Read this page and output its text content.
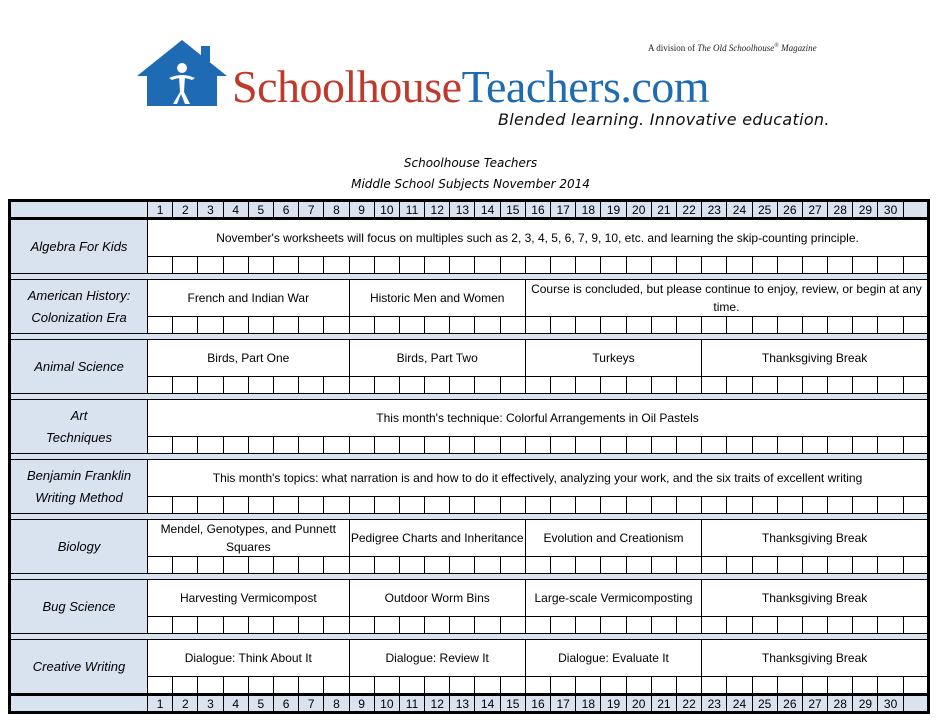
A division of The Old Schoolhouse® Magazine
SchoolhouseTeachers.com
Blended learning. Innovative education.
Schoolhouse Teachers
Middle School Subjects November 2014
	1	2	3	4	5	6	7	8	9	10	11	12	13	14	15	16	17	18	19	20	21	22	23	24	25	26	27	28	29	30	

Algebra For Kids	November's worksheets will focus on multiples such as 2, 3, 4, 5, 6, 7, 9, 10, etc. and learning the skip-counting principle.																														

American History:
Colonization Era	French and Indian War								Historic Men and Women							Course is concluded, but please continue to enjoy, review, or begin at any time.															

Animal Science	Birds, Part One								Birds, Part Two							Turkeys							Thanksgiving Break								

Art
Techniques	This month's technique: Colorful Arrangements in Oil Pastels																														

Benjamin Franklin
Writing Method	This month's topics: what narration is and how to do it effectively, analyzing your work, and the six traits of excellent writing																														

Biology	Mendel, Genotypes, and Punnett Squares								Pedigree Charts and Inheritance							Evolution and Creationism							Thanksgiving Break								

Bug Science	Harvesting Vermicompost								Outdoor Worm Bins							Large-scale Vermicomposting							Thanksgiving Break								

Creative Writing	Dialogue: Think About It								Dialogue: Review It							Dialogue: Evaluate It							Thanksgiving Break								

	1	2	3	4	5	6	7	8	9	10	11	12	13	14	15	16	17	18	19	20	21	22	23	24	25	26	27	28	29	30	
